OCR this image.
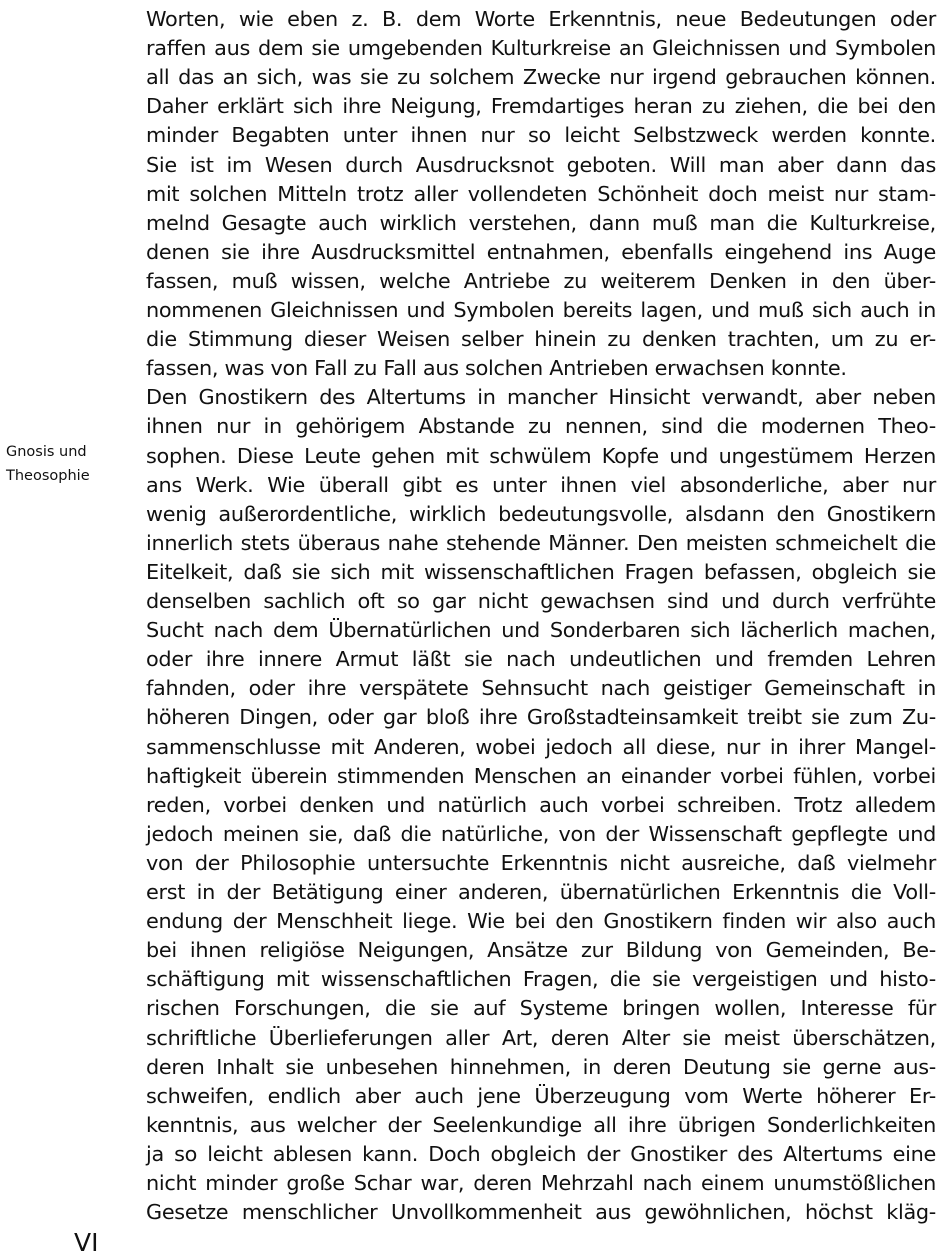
Worten, wie eben z. B. dem Worte Erkenntnis, neue Bedeutungen oder
raffen aus dem sie umgebenden Kulturkreise an Gleichnissen und Symbolen
all das an sich, was sie zu solchem Zwecke nur irgend gebrauchen können.
Daher erklärt sich ihre Neigung, Fremdartiges heran zu ziehen, die bei den
minder Begabten unter ihnen nur so leicht Selbstzweck werden konnte.
Sie ist im Wesen durch Ausdrucksnot geboten. Will man aber dann das
mit solchen Mitteln trotz aller vollendeten Schönheit doch meist nur stam-
melnd Gesagte auch wirklich verstehen, dann muß man die Kulturkreise,
denen sie ihre Ausdrucksmittel entnahmen, ebenfalls eingehend ins Auge
fassen, muß wissen, welche Antriebe zu weiterem Denken in den über-
nommenen Gleichnissen und Symbolen bereits lagen, und muß sich auch in
die Stimmung dieser Weisen selber hinein zu denken trachten, um zu er-
fassen, was von Fall zu Fall aus solchen Antrieben erwachsen konnte.
Den Gnostikern des Altertums in mancher Hinsicht verwandt, aber neben
ihnen nur in gehörigem Abstande zu nennen, sind die modernen Theo-
sophen. Diese Leute gehen mit schwülem Kopfe und ungestümem Herzen
ans Werk. Wie überall gibt es unter ihnen viel absonderliche, aber nur
wenig außerordentliche, wirklich bedeutungsvolle, alsdann den Gnostikern
innerlich stets überaus nahe stehende Männer. Den meisten schmeichelt die
Eitelkeit, daß sie sich mit wissenschaftlichen Fragen befassen, obgleich sie
denselben sachlich oft so gar nicht gewachsen sind und durch verfrühte
Sucht nach dem Übernatürlichen und Sonderbaren sich lächerlich machen,
oder ihre innere Armut läßt sie nach undeutlichen und fremden Lehren
fahnden, oder ihre verspätete Sehnsucht nach geistiger Gemeinschaft in
höheren Dingen, oder gar bloß ihre Großstadteinsamkeit treibt sie zum Zu-
sammenschlusse mit Anderen, wobei jedoch all diese, nur in ihrer Mangel-
haftigkeit überein stimmenden Menschen an einander vorbei fühlen, vorbei
reden, vorbei denken und natürlich auch vorbei schreiben. Trotz alledem
jedoch meinen sie, daß die natürliche, von der Wissenschaft gepflegte und
von der Philosophie untersuchte Erkenntnis nicht ausreiche, daß vielmehr
erst in der Betätigung einer anderen, übernatürlichen Erkenntnis die Voll-
endung der Menschheit liege. Wie bei den Gnostikern finden wir also auch
bei ihnen religiöse Neigungen, Ansätze zur Bildung von Gemeinden, Be-
schäftigung mit wissenschaftlichen Fragen, die sie vergeistigen und histo-
rischen Forschungen, die sie auf Systeme bringen wollen, Interesse für
schriftliche Überlieferungen aller Art, deren Alter sie meist überschätzen,
deren Inhalt sie unbesehen hinnehmen, in deren Deutung sie gerne aus-
schweifen, endlich aber auch jene Überzeugung vom Werte höherer Er-
kenntnis, aus welcher der Seelenkundige all ihre übrigen Sonderlichkeiten
ja so leicht ablesen kann. Doch obgleich der Gnostiker des Altertums eine
nicht minder große Schar war, deren Mehrzahl nach einem unumstößlichen
Gesetze menschlicher Unvollkommenheit aus gewöhnlichen, höchst kläg-
Gnosis und
Theosophie
VI
